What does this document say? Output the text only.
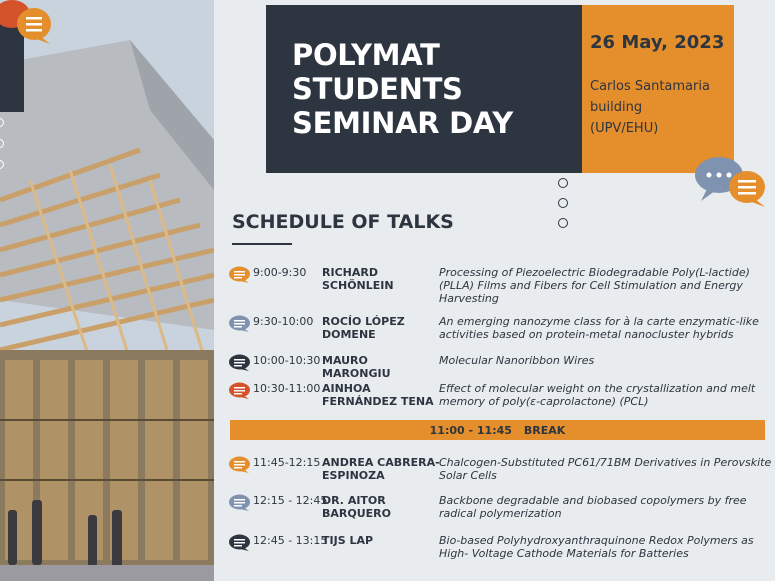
POLYMAT
STUDENTS
SEMINAR DAY
26 May, 2023
Carlos Santamaria
building
(UPV/EHU)
SCHEDULE OF TALKS
9:00-9:30 RICHARD SCHÖNLEIN
Processing of Piezoelectric Biodegradable Poly(L-lactide) (PLLA) Films and Fibers for Cell Stimulation and Energy Harvesting
9:30-10:00 ROCÍO LÓPEZ DOMENE
An emerging nanozyme class for à la carte enzymatic-like activities based on protein-metal nanocluster hybrids
10:00-10:30 MAURO MARONGIU
Molecular Nanoribbon Wires
10:30-11:00 AINHOA FERNÁNDEZ TENA
Effect of molecular weight on the crystallization and melt memory of poly(ε-caprolactone) (PCL)
11:00 - 11:45 BREAK
11:45-12:15 ANDREA CABRERA-ESPINOZA
Chalcogen-Substituted PC61/71BM Derivatives in Perovskite Solar Cells
12:15 - 12:45
DR. AITOR BARQUERO
Backbone degradable and biobased copolymers by free radical polymerization
12:45 - 13:15
TIJS LAP	Bio-based Polyhydroxyanthraquinone Redox Polymers as High- Voltage Cathode Materials for Batteries
